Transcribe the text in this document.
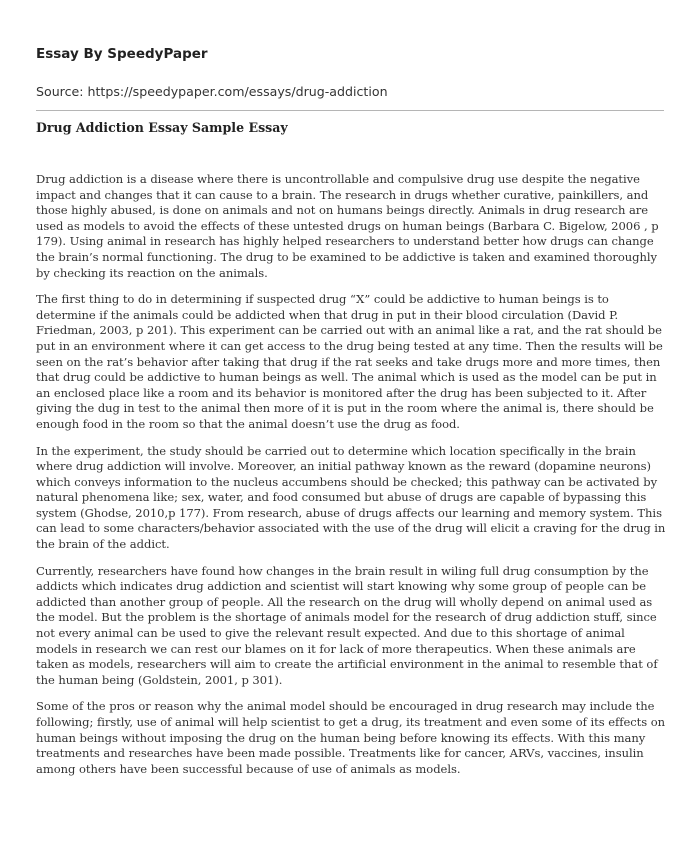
Essay By SpeedyPaper

Source: https://speedypaper.com/essays/drug-addiction

Drug Addiction Essay Sample Essay

Drug addiction is a disease where there is uncontrollable and compulsive drug use despite the negative impact and changes that it can cause to a brain. The research in drugs whether curative, painkillers, and those highly abused, is done on animals and not on humans beings directly. Animals in drug research are used as models to avoid the effects of these untested drugs on human beings (Barbara C. Bigelow, 2006 , p 179). Using animal in research has highly helped researchers to understand better how drugs can change the brain’s normal functioning. The drug to be examined to be addictive is taken and examined thoroughly by checking its reaction on the animals.

The first thing to do in determining if suspected drug “X” could be addictive to human beings is to determine if the animals could be addicted when that drug in put in their blood circulation (David P. Friedman, 2003, p 201). This experiment can be carried out with an animal like a rat, and the rat should be put in an environment where it can get access to the drug being tested at any time. Then the results will be seen on the rat’s behavior after taking that drug if the rat seeks and take drugs more and more times, then that drug could be addictive to human beings as well. The animal which is used as the model can be put in an enclosed place like a room and its behavior is monitored after the drug has been subjected to it. After giving the dug in test to the animal then more of it is put in the room where the animal is, there should be enough food in the room so that the animal doesn’t use the drug as food.

In the experiment, the study should be carried out to determine which location specifically in the brain where drug addiction will involve. Moreover, an initial pathway known as the reward (dopamine neurons) which conveys information to the nucleus accumbens should be checked; this pathway can be activated by natural phenomena like; sex, water, and food consumed but abuse of drugs are capable of bypassing this system (Ghodse, 2010,p 177). From research, abuse of drugs affects our learning and memory system. This can lead to some characters/behavior associated with the use of the drug will elicit a craving for the drug in the brain of the addict.

Currently, researchers have found how changes in the brain result in wiling full drug consumption by the addicts which indicates drug addiction and scientist will start knowing why some group of people can be addicted than another group of people. All the research on the drug will wholly depend on animal used as the model. But the problem is the shortage of animals model for the research of drug addiction stuff, since not every animal can be used to give the relevant result expected. And due to this shortage of animal models in research we can rest our blames on it for lack of more therapeutics. When these animals are taken as models, researchers will aim to create the artificial environment in the animal to resemble that of the human being (Goldstein, 2001, p 301).

Some of the pros or reason why the animal model should be encouraged in drug research may include the following; firstly, use of animal will help scientist to get a drug, its treatment and even some of its effects on human beings without imposing the drug on the human being before knowing its effects. With this many treatments and researches have been made possible. Treatments like for cancer, ARVs, vaccines, insulin among others have been successful because of use of animals as models.
